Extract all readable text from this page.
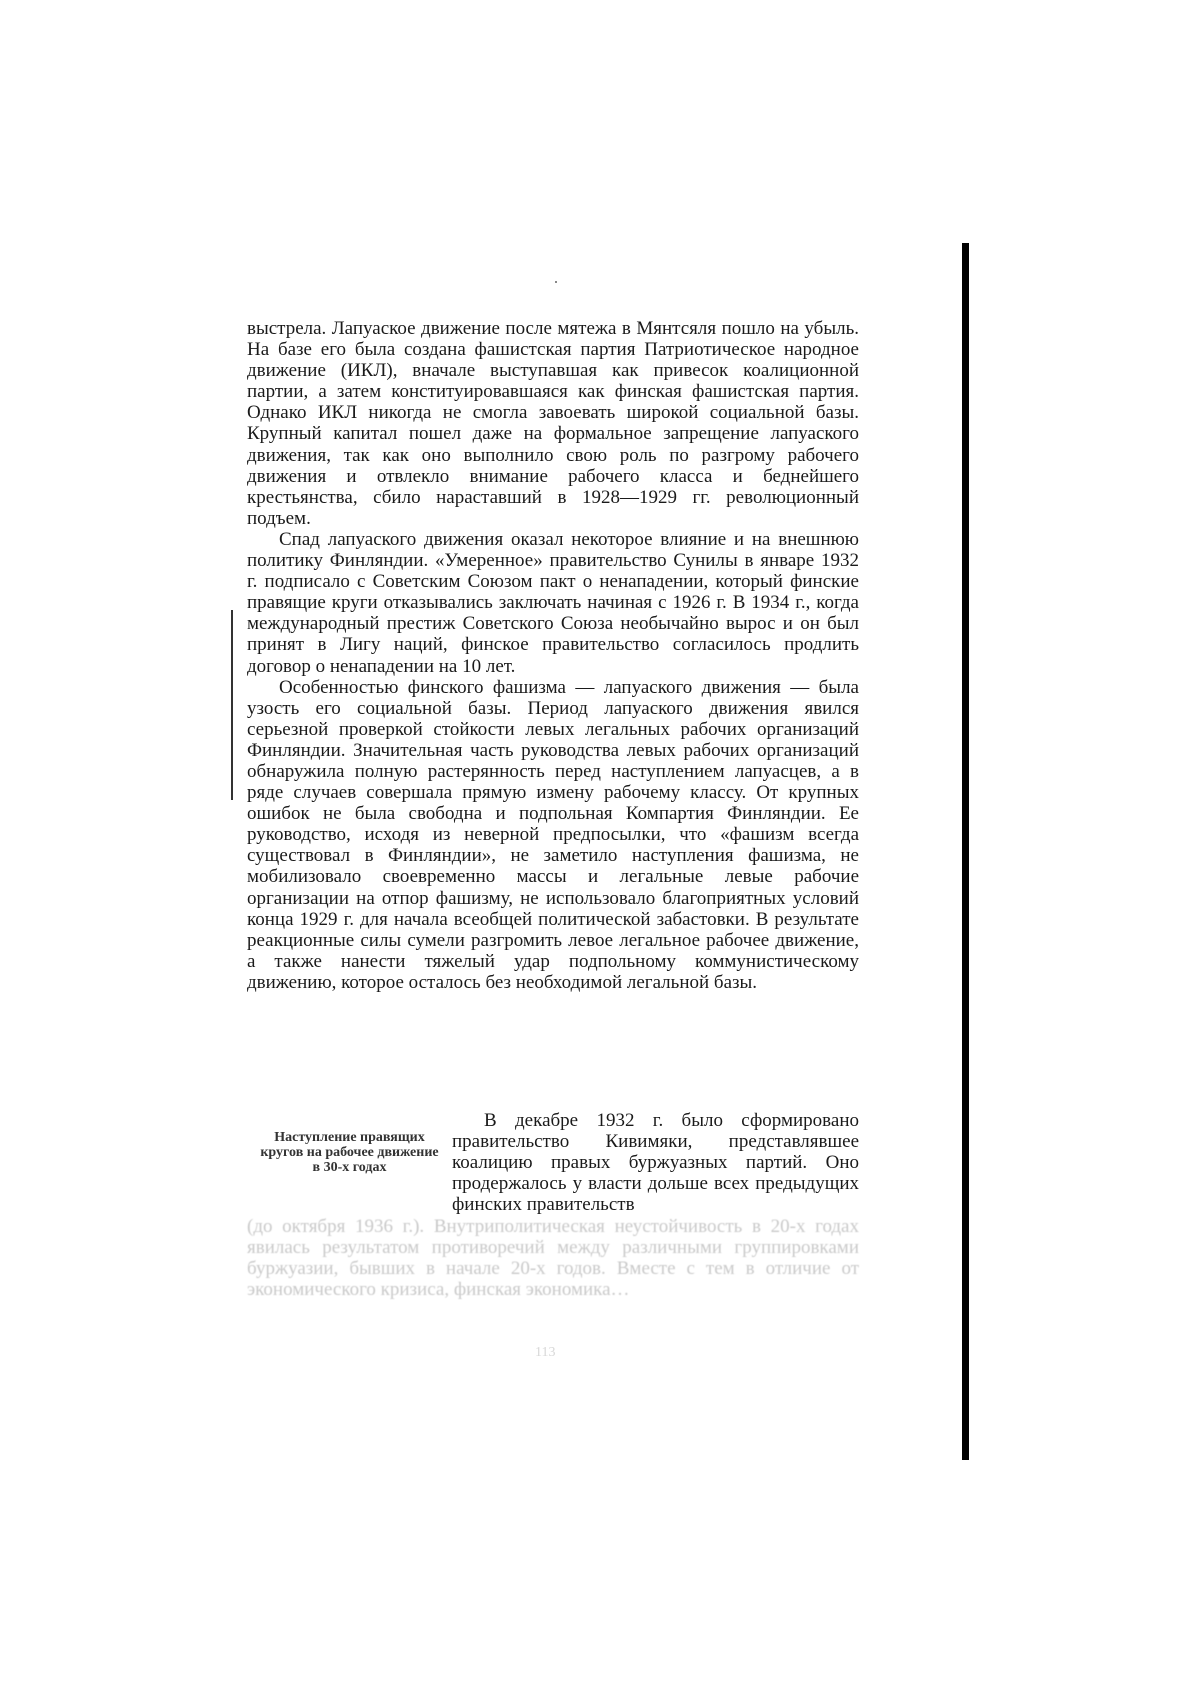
выстрела. Лапуаское движение после мятежа в Мянтсяля пошло на убыль. На базе его была создана фашистская партия Патриотическое народное движение (ИКЛ), вначале выступавшая как привесок коалиционной партии, а затем конституировавшаяся как финская фашистская партия. Однако ИКЛ никогда не смогла завоевать широкой социальной базы. Крупный капитал пошел даже на формальное запрещение лапуаского движения, так как оно выполнило свою роль по разгрому рабочего движения и отвлекло внимание рабочего класса и беднейшего крестьянства, сбило нараставший в 1928—1929 гг. революционный подъем.

Спад лапуаского движения оказал некоторое влияние и на внешнюю политику Финляндии. «Умеренное» правительство Сунилы в январе 1932 г. подписало с Советским Союзом пакт о ненападении, который финские правящие круги отказывались заключать начиная с 1926 г. В 1934 г., когда международный престиж Советского Союза необычайно вырос и он был принят в Лигу наций, финское правительство согласилось продлить договор о ненападении на 10 лет.

Особенностью финского фашизма — лапуаского движения — была узость его социальной базы. Период лапуаского движения явился серьезной проверкой стойкости левых легальных рабочих организаций Финляндии. Значительная часть руководства левых рабочих организаций обнаружила полную растерянность перед наступлением лапуасцев, а в ряде случаев совершала прямую измену рабочему классу. От крупных ошибок не была свободна и подпольная Компартия Финляндии. Ее руководство, исходя из неверной предпосылки, что «фашизм всегда существовал в Финляндии», не заметило наступления фашизма, не мобилизовало своевременно массы и легальные левые рабочие организации на отпор фашизму, не использовало благоприятных условий конца 1929 г. для начала всеобщей политической забастовки. В результате реакционные силы сумели разгромить левое легальное рабочее движение, а также нанести тяжелый удар подпольному коммунистическому движению, которое осталось без необходимой легальной базы.

Наступление правящих кругов на рабочее движение в 30-х годах
В декабре 1932 г. было сформировано правительство Кивимяки, представлявшее коалицию правых буржуазных партий. Оно продержалось у власти дольше всех предыдущих финских правительств
(до октября 1936 г.). Внутриполитическая неустойчивость в 20-х годах явилась результатом противоречий между различными группировками буржуазии, бывших в начале 20-х годов. Вместе с тем в отличие от экономического кризиса, финская экономика…
113
